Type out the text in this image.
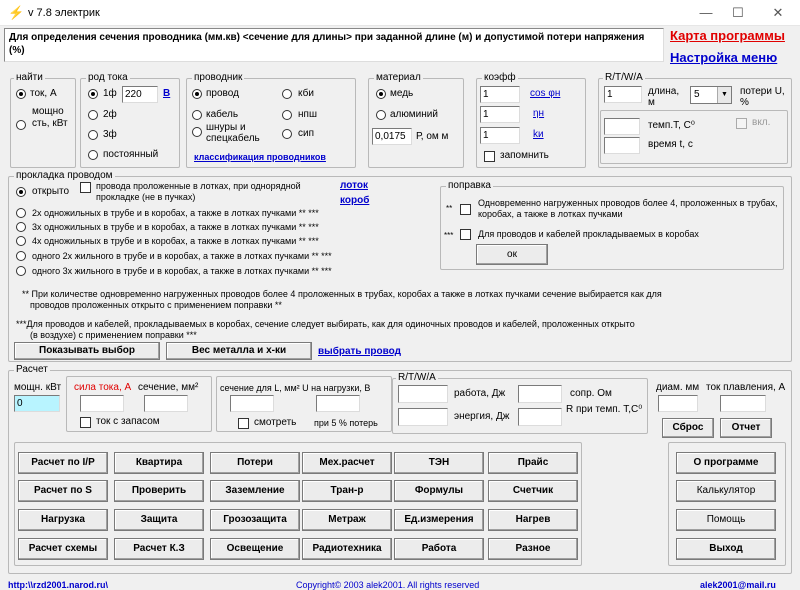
⚡ v 7.8 электрик	—	☐	✕
Для определения сечения проводника (мм.кв) <сечение для длины> при заданной длине (м) и допустимой потери напряжения (%)
Карта программы
Настройка меню
найти
ток, А
мощно сть, кВт
род тока
1ф 220	В
2ф
3ф
постоянный
проводник
провод
кабель
шнуры и спецкабель
кби
нпш
сип
классификация проводников
материал
медь
алюминий
0,0175	Р, ом м
коэфф
1	cos φн
1	ηн
1	kи
запомнить
R/T/W/A
1	длина, м
5	▼	потери U, %
темп.T, C⁰	вкл.
время t, c
прокладка проводом
открыто	провода проложенные в лотках, при однорядной прокладке (не в пучках)
лоток
короб
2х одножильных в трубе и в коробах, а также в лотках пучками ** ***
3х одножильных в трубе и в коробах, а также в лотках пучками ** ***
4х одножильных в трубе и в коробах, а также в лотках пучками ** ***
одного 2х жильного в трубе и в коробах, а также в лотках пучками ** ***
одного 3х жильного в трубе и в коробах, а также в лотках пучками ** ***
поправка
**
Одновременно нагруженных проводов более 4, проложенных в трубах, коробах, а также в лотках пучками
***	Для проводов и кабелей прокладываемых в коробах
ок
** При количестве одновременно нагруженных проводов более 4 проложенных в трубах, коробах а также в лотках пучками сечение выбирается как для
проводов проложенных открыто с применением поправки **
***Для проводов и кабелей, прокладываемых в коробах, сечение следует выбирать, как для одиночных проводов и кабелей, проложенных открыто
(в воздухе) с применением поправки ***
Показывать выбор	Вес металла и х-ки	выбрать провод
Расчет
мощн. кВт
0
сила тока, А сечение, мм²
ток с запасом
сечение для L, мм² U на нагрузки, В
смотреть при 5 % потерь
R/T/W/A
работа, Дж	сопр. Ом
энергия, Дж
R при темп. T,C⁰
диам. мм ток плавления, А
Сброс	Отчет
Расчет по I/P	Квартира	Потери	Мех.расчет	ТЭН	Прайс
Расчет по S	Проверить	Заземление	Тран-р	Формулы	Счетчик
Нагрузка	Защита	Грозозащита	Метраж	Ед.измерения	Нагрев
Расчет схемы	Расчет К.З	Освещение	Радиотехника	Работа	Разное
О программе
Калькулятор
Помощь
Выход
http:\\rzd2001.narod.ru\	Copyright© 2003 alek2001. All rights reserved	alek2001@mail.ru
